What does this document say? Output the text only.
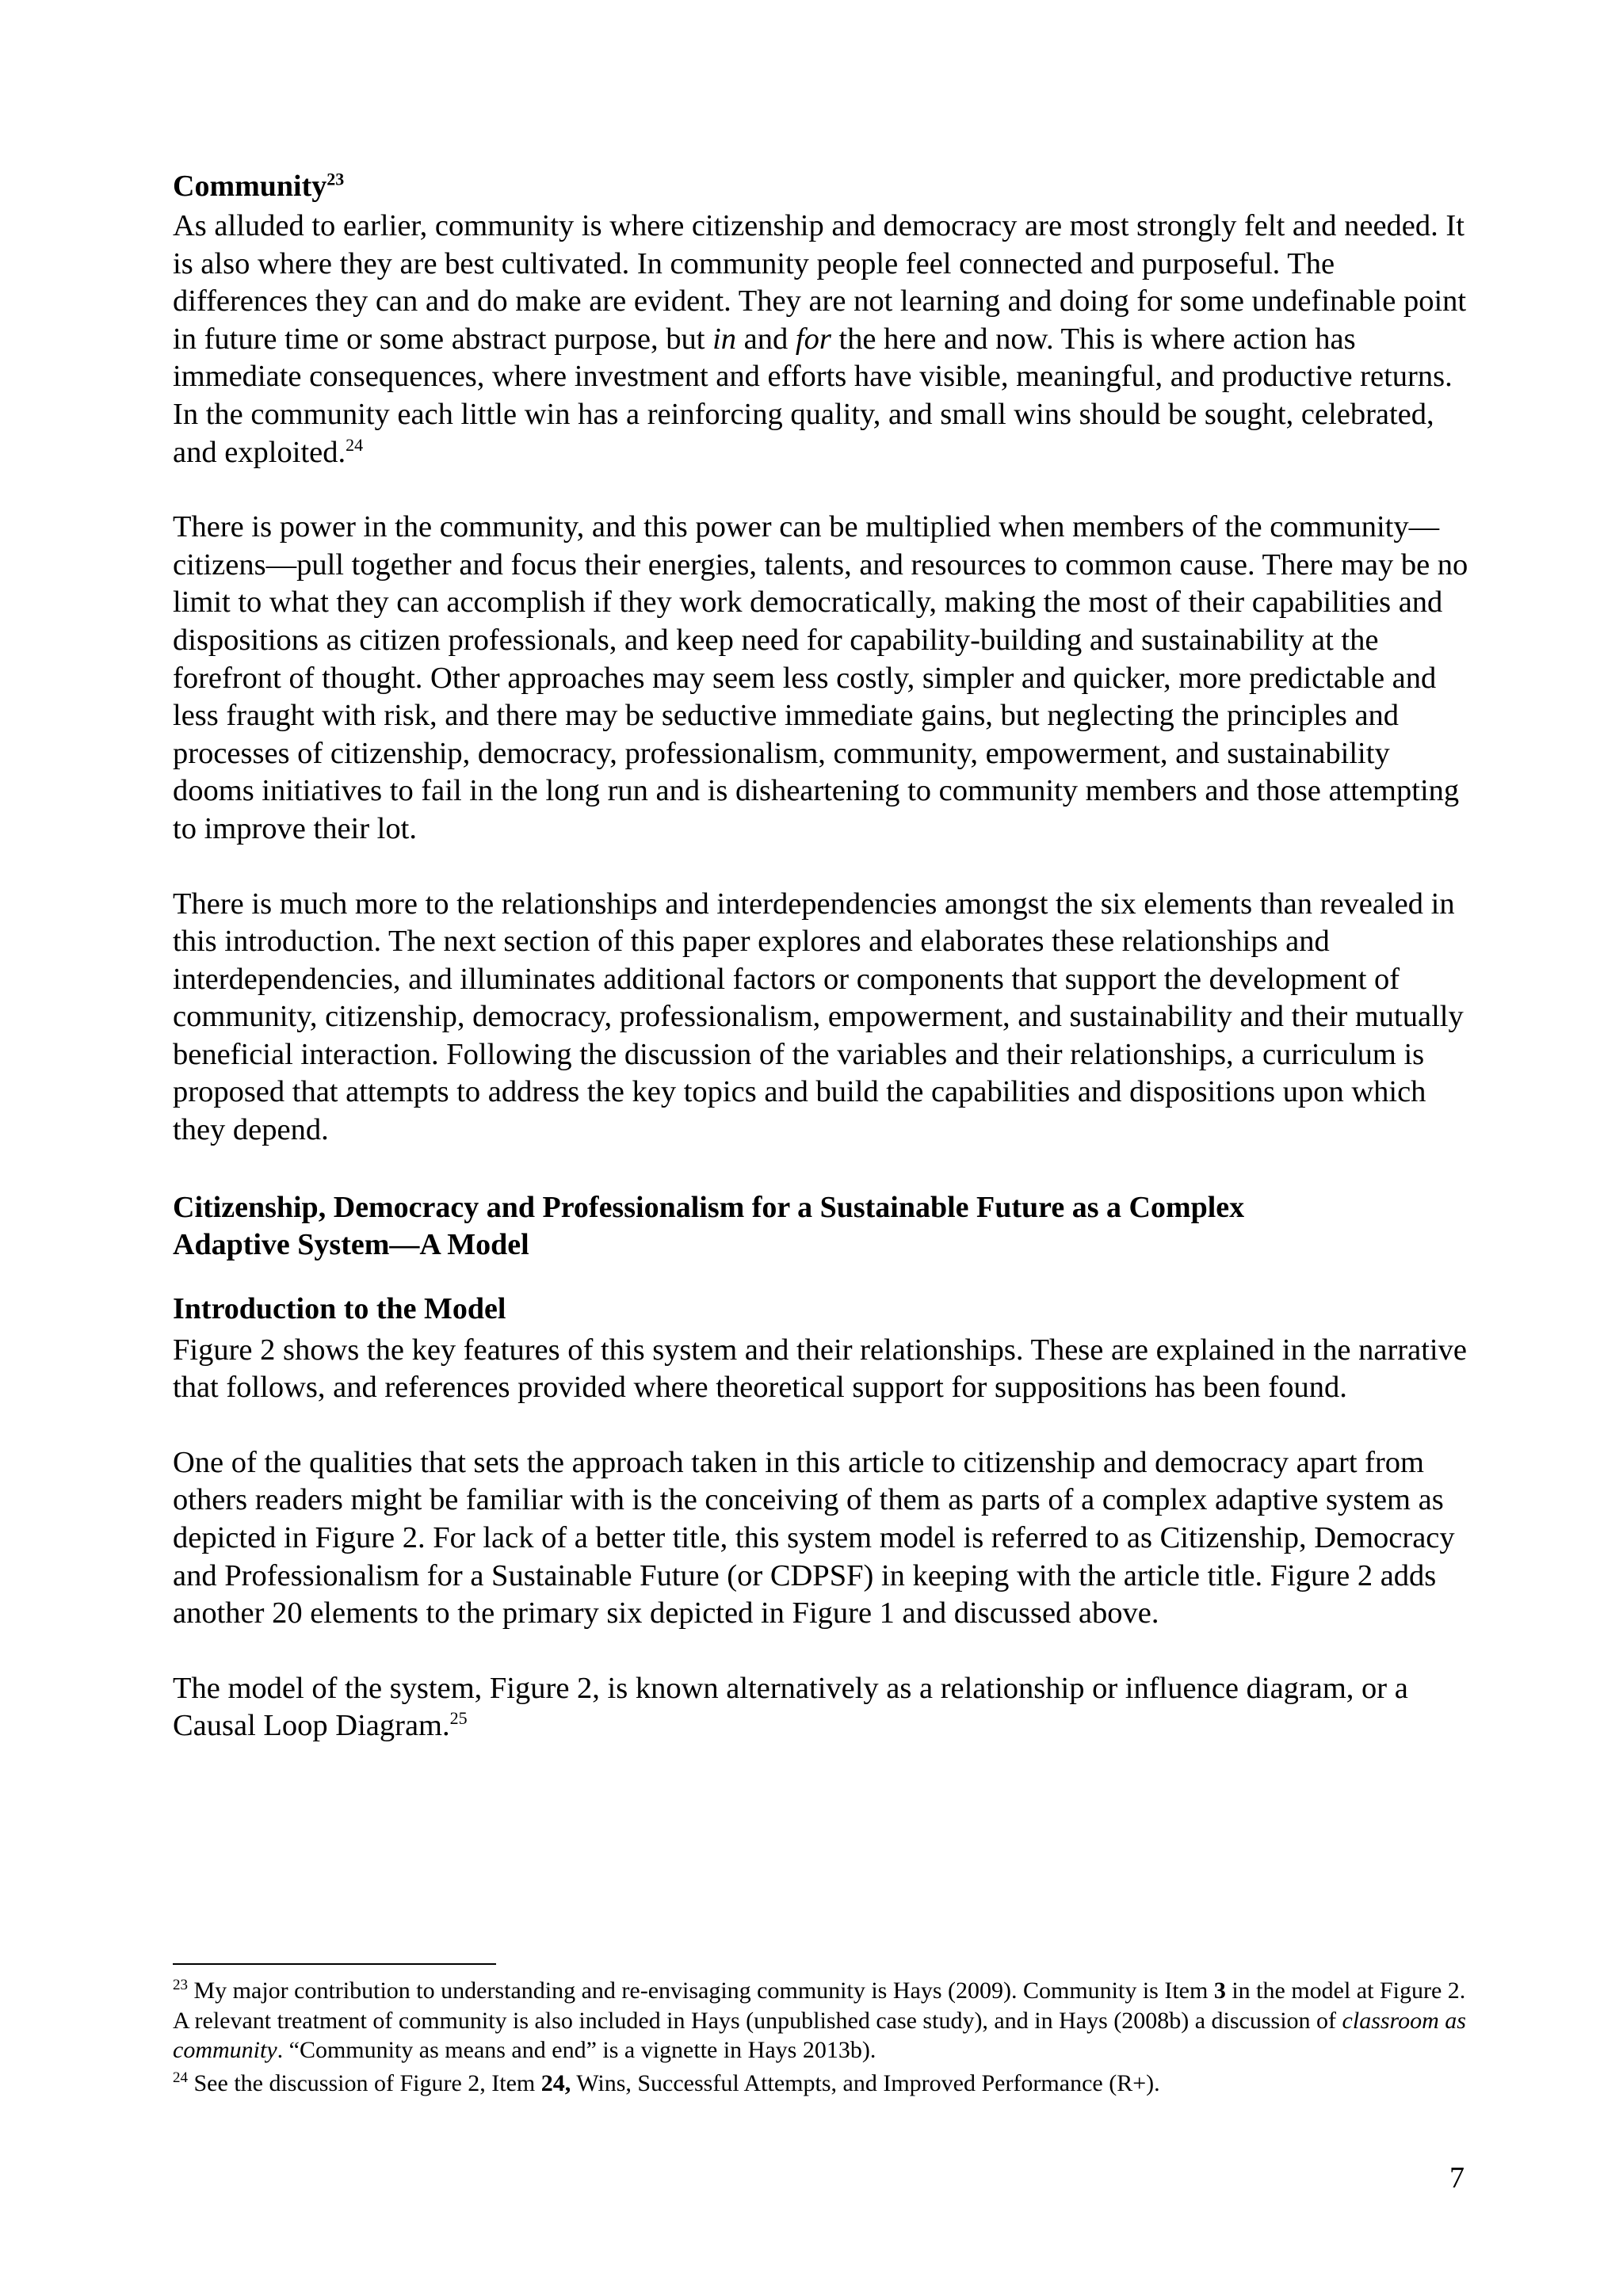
Community$^{23}$

As alluded to earlier, community is where citizenship and democracy are most strongly felt and needed. It is also where they are best cultivated. In community people feel connected and purposeful. The differences they can and do make are evident. They are not learning and doing for some undefinable point in future time or some abstract purpose, but in and for the here and now. This is where action has immediate consequences, where investment and efforts have visible, meaningful, and productive returns. In the community each little win has a reinforcing quality, and small wins should be sought, celebrated, and exploited.$^{24}$

There is power in the community, and this power can be multiplied when members of the community—citizens—pull together and focus their energies, talents, and resources to common cause. There may be no limit to what they can accomplish if they work democratically, making the most of their capabilities and dispositions as citizen professionals, and keep need for capability-building and sustainability at the forefront of thought. Other approaches may seem less costly, simpler and quicker, more predictable and less fraught with risk, and there may be seductive immediate gains, but neglecting the principles and processes of citizenship, democracy, professionalism, community, empowerment, and sustainability dooms initiatives to fail in the long run and is disheartening to community members and those attempting to improve their lot.

There is much more to the relationships and interdependencies amongst the six elements than revealed in this introduction. The next section of this paper explores and elaborates these relationships and interdependencies, and illuminates additional factors or components that support the development of community, citizenship, democracy, professionalism, empowerment, and sustainability and their mutually beneficial interaction. Following the discussion of the variables and their relationships, a curriculum is proposed that attempts to address the key topics and build the capabilities and dispositions upon which they depend.

Citizenship, Democracy and Professionalism for a Sustainable Future as a Complex
Adaptive System—A Model

Introduction to the Model

Figure 2 shows the key features of this system and their relationships. These are explained in the narrative that follows, and references provided where theoretical support for suppositions has been found.

One of the qualities that sets the approach taken in this article to citizenship and democracy apart from others readers might be familiar with is the conceiving of them as parts of a complex adaptive system as depicted in Figure 2. For lack of a better title, this system model is referred to as Citizenship, Democracy and Professionalism for a Sustainable Future (or CDPSF) in keeping with the article title. Figure 2 adds another 20 elements to the primary six depicted in Figure 1 and discussed above.

The model of the system, Figure 2, is known alternatively as a relationship or influence diagram, or a Causal Loop Diagram.$^{25}$

$^{23}$ My major contribution to understanding and re-envisaging community is Hays (2009). Community is Item 3 in the model at Figure 2. A relevant treatment of community is also included in Hays (unpublished case study), and in Hays (2008b) a discussion of classroom as community. “Community as means and end” is a vignette in Hays 2013b).

$^{24}$ See the discussion of Figure 2, Item 24, Wins, Successful Attempts, and Improved Performance (R+).

7
